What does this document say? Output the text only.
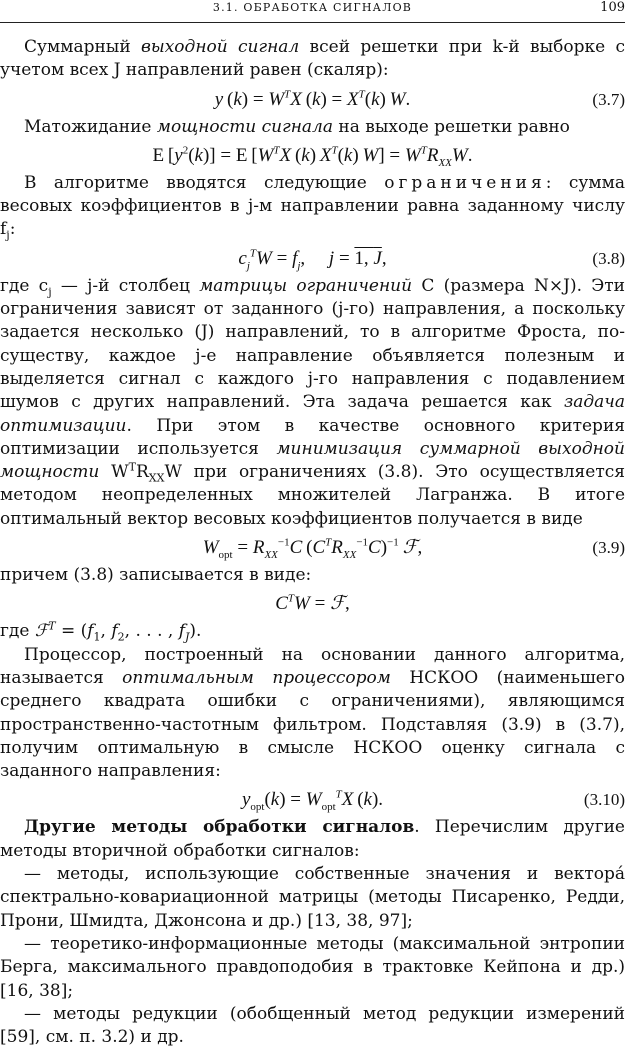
3.1. ОБРАБОТКА СИГНАЛОВ	109

Суммарный выходной сигнал всей решетки при k-й выборке с учетом всех J направлений равен (скаляр):

y $(k) = W^TX$ $(k) = X^T(k)$ W.	(3.7)

Матожидание мощности сигнала на выходе решетки равно

E $[y^2(k)] = E$ [$W^TX$ (k) $X^T(k) W] = W^TR_{XX}W$.

В алгоритме вводятся следующие ограничения: сумма весовых коэффициентов в j-м направлении равна заданному числу $f_j$:

$c_j^TW = f_j$,  j = 1, J,	(3.8)

где $c_j$ — j-й столбец матрицы ограничений C (размера N×J). Эти ограничения зависят от заданного (j-го) направления, а поскольку задается несколько (J) направлений, то в алгоритме Фроста, по-существу, каждое j-е направление объявляется полезным и выделяется сигнал с каждого j-го направления с подавлением шумов с других направлений. Эта задача решается как задача оптимизации. При этом в качестве основного критерия оптимизации используется минимизация суммарной выходной мощности $W^TR_{XX}W$ при ограничениях (3.8). Это осуществляется методом неопределенных множителей Лагранжа. В итоге оптимальный вектор весовых коэффициентов получается в виде

$W_{opt} = R_{XX}^{-1}C$ $(C^TR_{XX}^{-1}C)^{-1}$  ℱ,	(3.9)

причем (3.8) записывается в виде:

$C^TW$ = ℱ,

где ℱ$^T$ = ($f_1$, $f_2$, . . . , $f_J$).

Процессор, построенный на основании данного алгоритма, называется оптимальным процессором НСКОО (наименьшего среднего квадрата ошибки с ограничениями), являющимся пространственно-частотным фильтром. Подставляя (3.9) в (3.7), получим оптимальную в смысле НСКОО оценку сигнала с заданного направления:

$y_{opt}(k) = W_{opt}^TX$ (k).	(3.10)

Другие методы обработки сигналов. Перечислим другие методы вторичной обработки сигналов:

— методы, использующие собственные значения и вектора́ спектрально-ковариационной матрицы (методы Писаренко, Редди, Прони, Шмидта, Джонсона и др.) [13, 38, 97];

— теоретико-информационные методы (максимальной энтропии Берга, максимального правдоподобия в трактовке Кейпона и др.) [16, 38];

— методы редукции (обобщенный метод редукции измерений [59], см. п. 3.2) и др.
